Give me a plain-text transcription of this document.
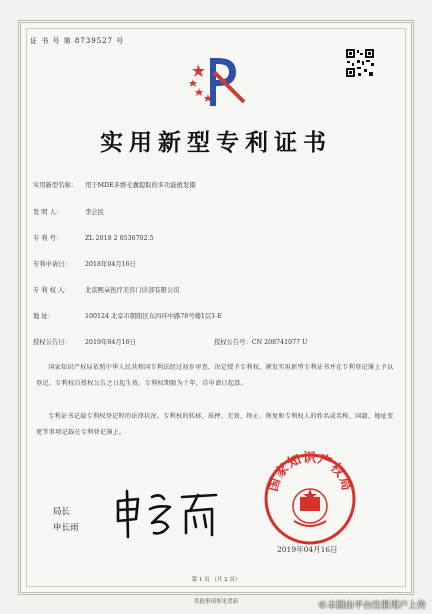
证 书 号 第 8739527 号
实用新型专利证书
实用新型名称： 用于MDE多维毛囊提取的多功能植发镊
发 明 人：	李会民
专 利 号：	ZL 2018 2 0536702.5
专利申请日： 2018年04月16日
专 利 权 人： 北京熙朵医疗美容门诊部有限公司
地 址：	100124 北京市朝阳区东四环中路78号楼1层1-E
授权公告日： 2019年04月16日	授权公告号：CN 208741077 U
国家知识产权局依照中华人民共和国专利法经过初步审查，决定授予专利权，颁发实用新型专利证书并在专利登记簿上予以登记。专利权自授权公告之日起生效。专利权期限为十年，自申请日起算。
专利证书记载专利权登记时的法律状况。专利权的转移、质押、无效、终止、恢复和专利权人的姓名或名称、国籍、地址变更等事项记载在专利登记簿上。
局长
申长雨
国家知识产权局
2019年04月16日
第 1 页 （共 2 页）
其他事项参见背面	©本图由平台注册用户上传
